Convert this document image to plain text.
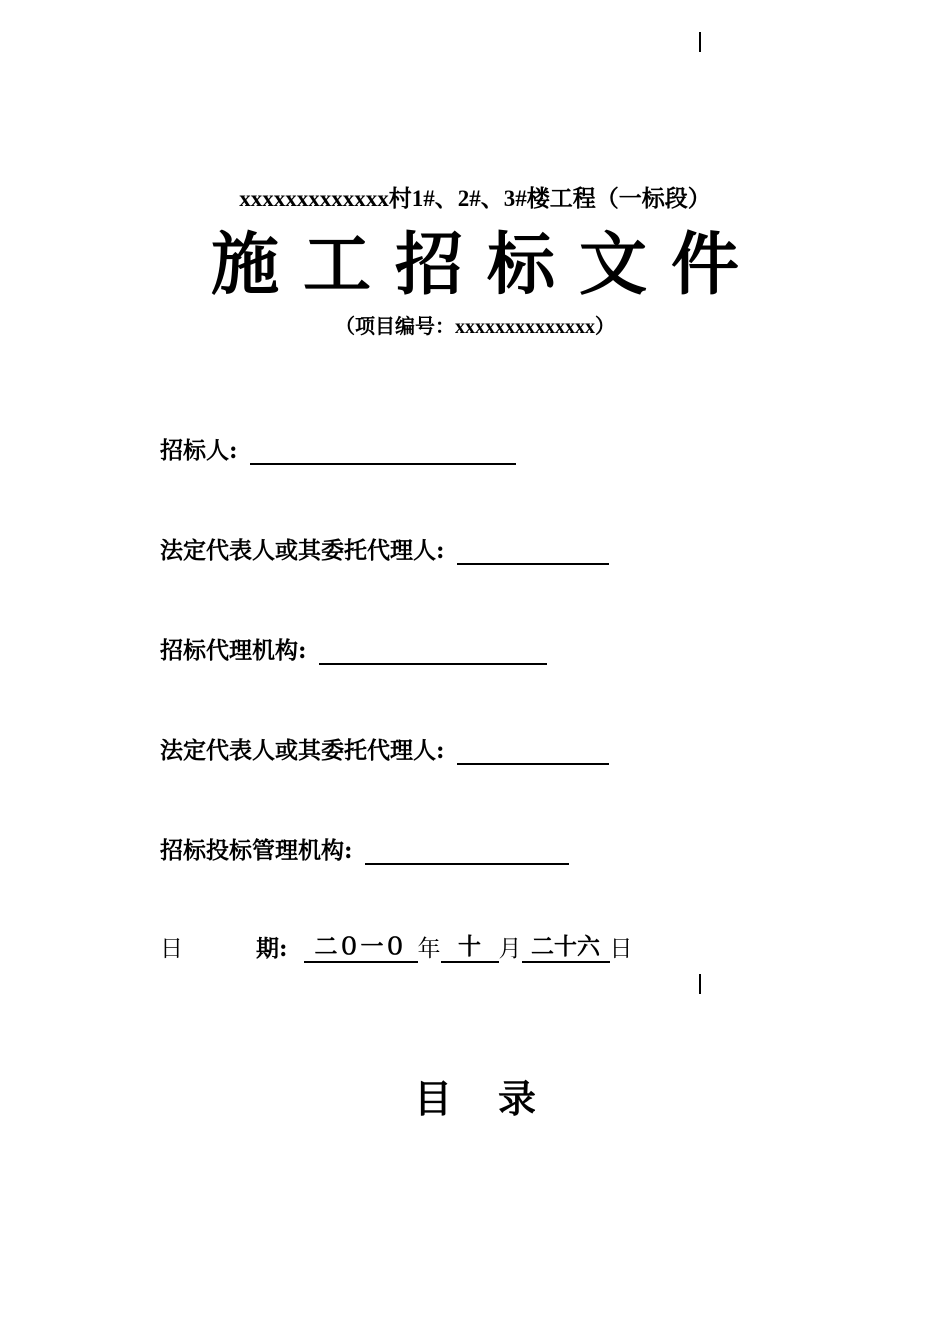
xxxxxxxxxxxxx村1#、2#、3#楼工程（一标段）
施工招标文件
（项目编号：xxxxxxxxxxxxxx）
招标人:
法定代表人或其委托代理人:
招标代理机构:
法定代表人或其委托代理人:
招标投标管理机构:
日	期:	二０一０ 年 十 月 二十六 日
目录
